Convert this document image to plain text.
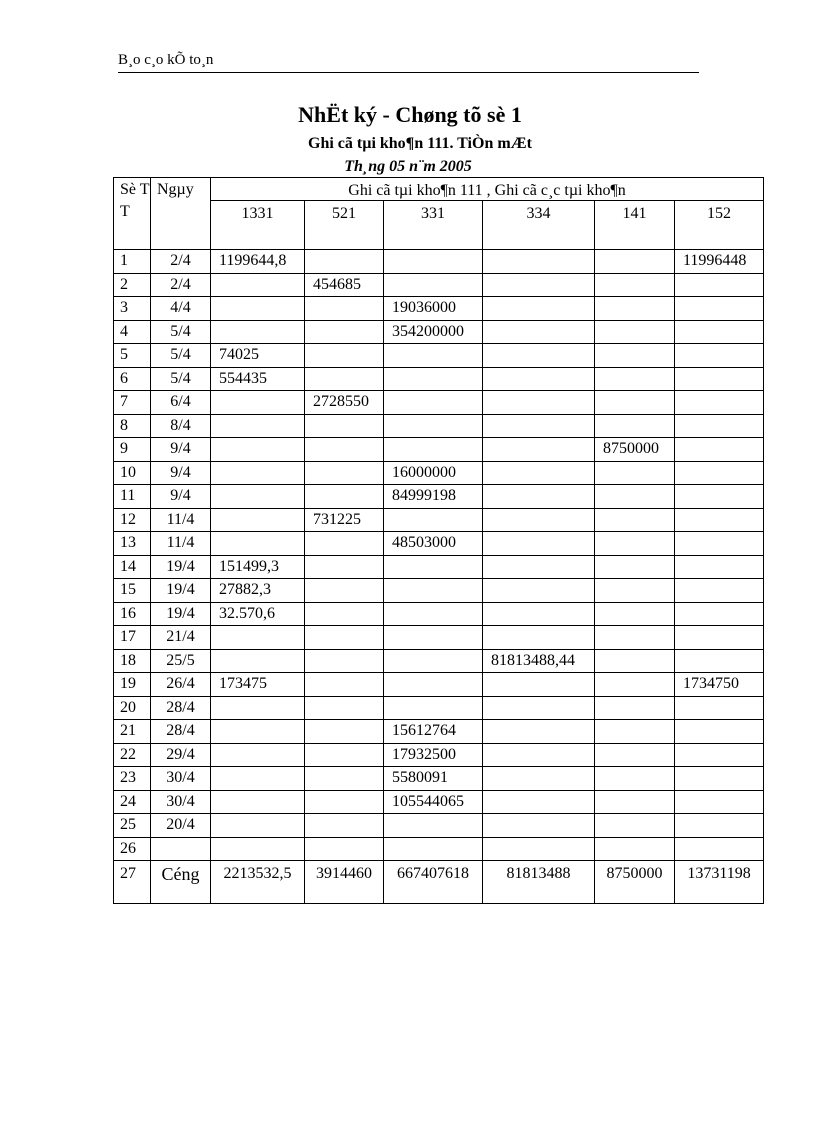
B¸o c¸o kÕ to¸n
NhËt ký - Chøng tõ sè 1
Ghi cã tµi kho¶n 111. TiÒn mÆt
Th¸ng 05 n¨m 2005
Sè T T	Ngµy	Ghi cã tµi kho¶n 111 , Ghi cã c¸c tµi kho¶n					
		1331	521	331	334	141	152
1	2/4	1199644,8					11996448
2	2/4		454685				
3	4/4			19036000			
4	5/4			354200000			
5	5/4	74025					
6	5/4	554435					
7	6/4		2728550				
8	8/4						
9	9/4					8750000	
10	9/4			16000000			
11	9/4			84999198			
12	11/4		731225				
13	11/4			48503000			
14	19/4	151499,3					
15	19/4	27882,3					
16	19/4	32.570,6					
17	21/4						
18	25/5				81813488,44		
19	26/4	173475					1734750
20	28/4						
21	28/4			15612764			
22	29/4			17932500			
23	30/4			5580091			
24	30/4			105544065			
25	20/4						
26							
27	Céng	2213532,5	3914460	667407618	81813488	8750000	13731198
